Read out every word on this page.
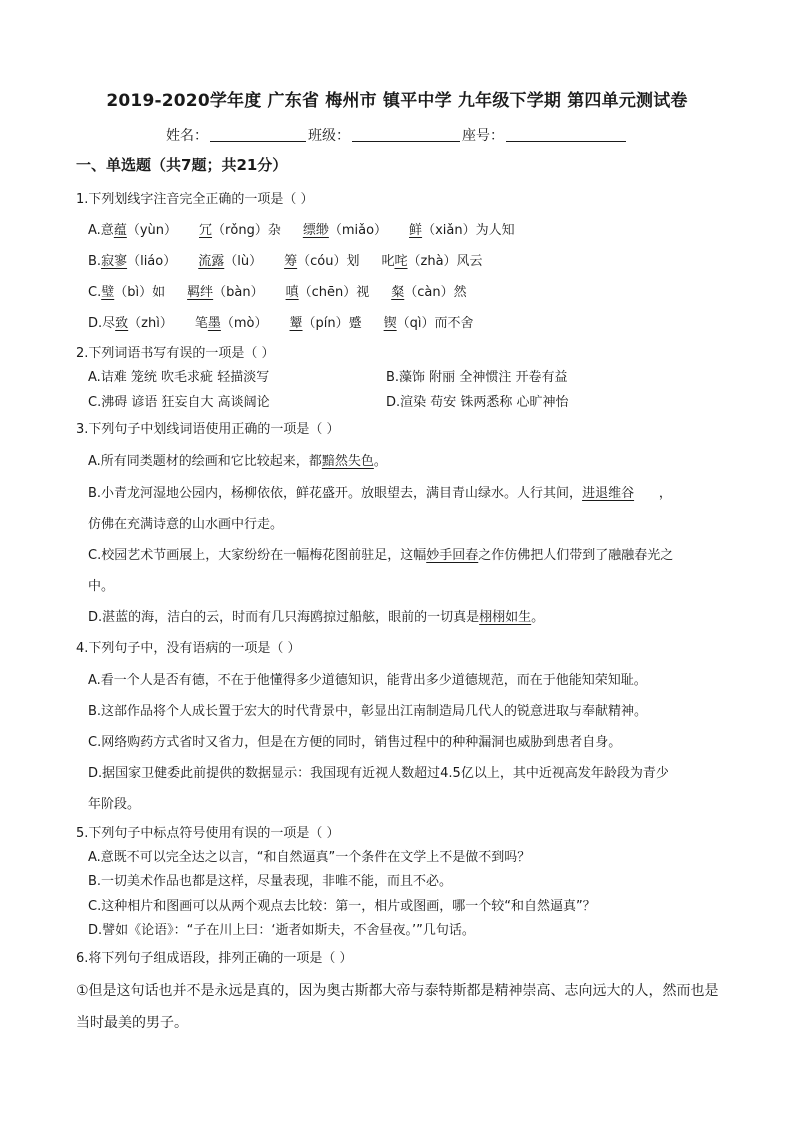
2019-2020学年度 广东省 梅州市 镇平中学 九年级下学期 第四单元测试卷
姓名：	班级：	座号：
一、单选题（共7题；共21分）
1.下列划线字注音完全正确的一项是（ ）
A.意蕴（yùn） 冗（rǒng）杂 缥缈（miǎo） 鲜（xiǎn）为人知
B.寂寥（liáo） 流露（lù） 筹（cóu）划 叱咤（zhà）风云
C.璧（bì）如 羁绊（bàn） 嗔（chēn）视 粲（càn）然
D.尽致（zhì） 笔墨（mò） 颦（pín）蹙 锲（qì）而不舍
2.下列词语书写有误的一项是（ ）
A.诘难 笼统 吹毛求疵 轻描淡写	B.藻饰 附丽 全神惯注 开卷有益
C.沸碍 谚语 狂妄自大 高谈阔论	D.渲染 苟安 铢两悉称 心旷神怡
3.下列句子中划线词语使用正确的一项是（ ）
A.所有同类题材的绘画和它比较起来，都黯然失色。
B.小青龙河湿地公园内，杨柳依依，鲜花盛开。放眼望去，满目青山绿水。人行其间，进退维谷      ，
仿佛在充满诗意的山水画中行走。
C.校园艺术节画展上，大家纷纷在一幅梅花图前驻足，这幅妙手回春之作仿佛把人们带到了融融春光之
中。
D.湛蓝的海，洁白的云，时而有几只海鸥掠过船舷，眼前的一切真是栩栩如生。
4.下列句子中，没有语病的一项是（ ）
A.看一个人是否有德，不在于他懂得多少道德知识，能背出多少道德规范，而在于他能知荣知耻。
B.这部作品将个人成长置于宏大的时代背景中，彰显出江南制造局几代人的锐意进取与奉献精神。
C.网络购药方式省时又省力，但是在方便的同时，销售过程中的种种漏洞也威胁到患者自身。
D.据国家卫健委此前提供的数据显示：我国现有近视人数超过4.5亿以上，其中近视高发年龄段为青少
年阶段。
5.下列句子中标点符号使用有误的一项是（ ）
A.意既不可以完全达之以言，“和自然逼真”一个条件在文学上不是做不到吗？
B.一切美术作品也都是这样，尽量表现，非唯不能，而且不必。
C.这种相片和图画可以从两个观点去比较：第一，相片或图画，哪一个较“和自然逼真”？
D.譬如《论语》：“子在川上曰：‘逝者如斯夫，不舍昼夜。’”几句话。
6.将下列句子组成语段，排列正确的一项是（ ）
①但是这句话也并不是永远是真的，因为奥古斯都大帝与泰特斯都是精神崇高、志向远大的人，然而也是
当时最美的男子。
